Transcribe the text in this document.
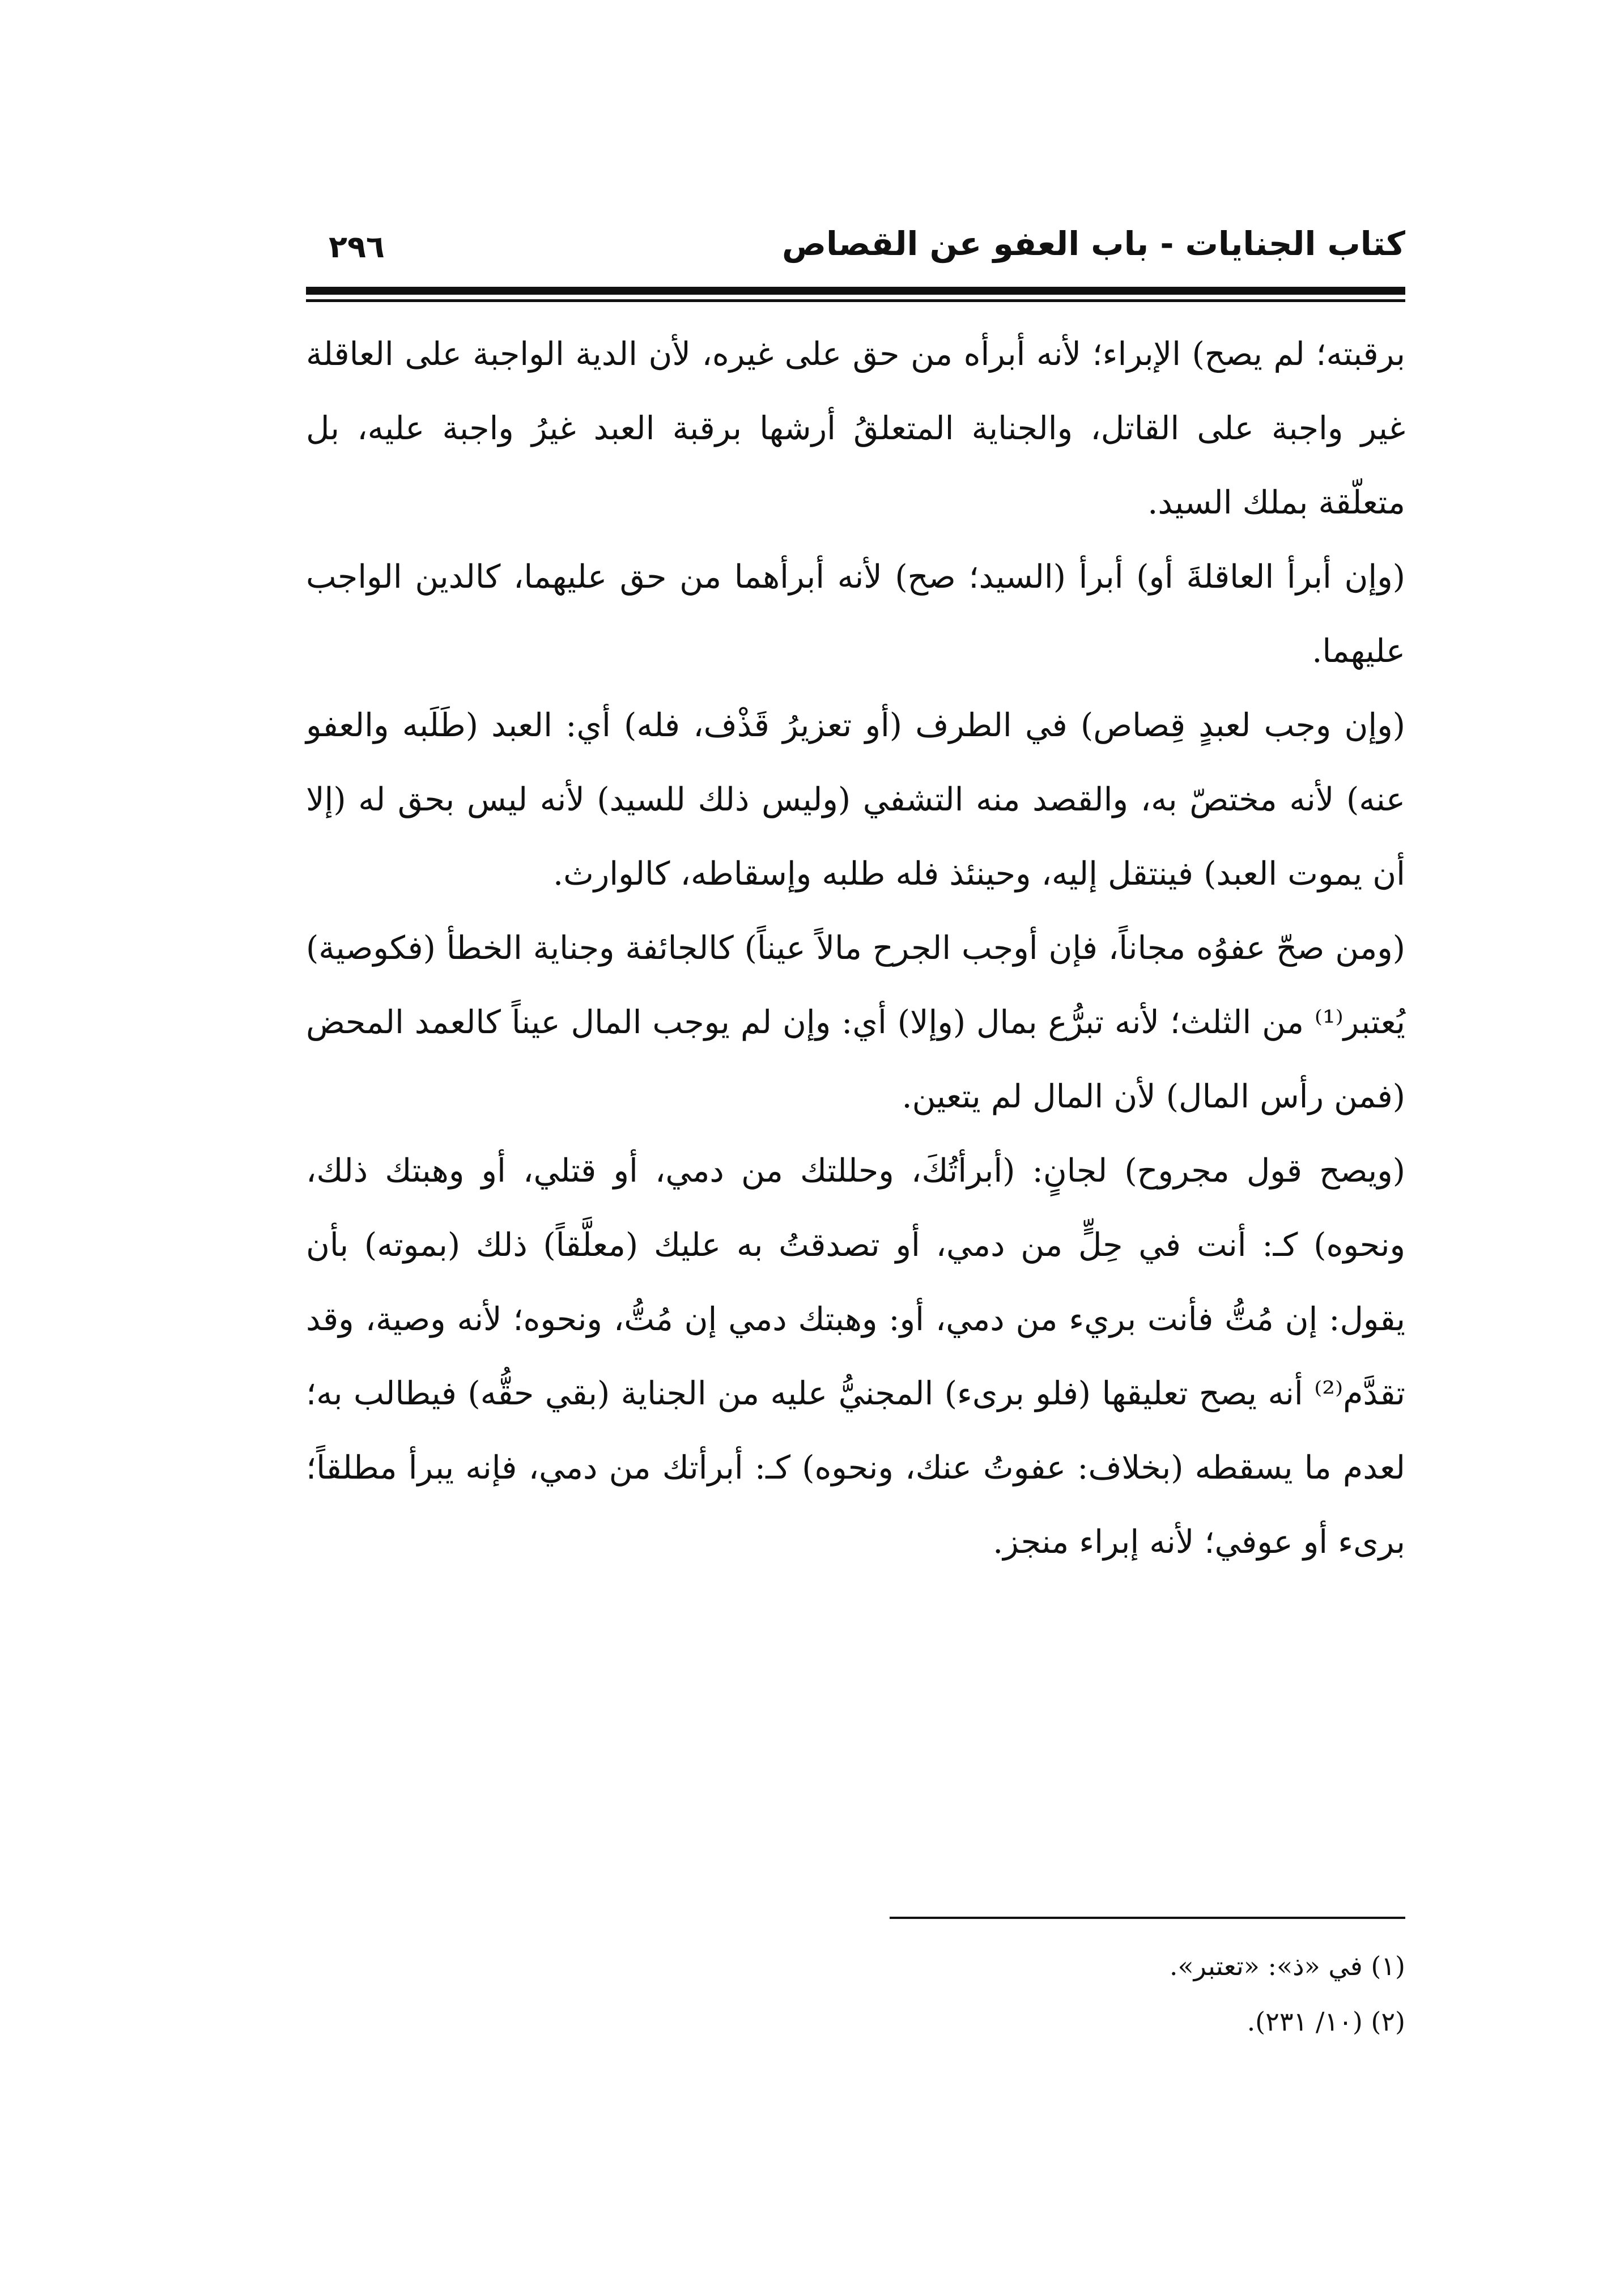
كتاب الجنايات - باب العفو عن القصاص
٢٩٦

برقبته؛ لم يصح) الإبراء؛ لأنه أبرأه من حق على غيره، لأن الدية الواجبة على العاقلة غير واجبة على القاتل، والجناية المتعلقُ أرشها برقبة العبد غيرُ واجبة عليه، بل متعلّقة بملك السيد.

(وإن أبرأ العاقلةَ أو) أبرأ (السيد؛ صح) لأنه أبرأهما من حق عليهما، كالدين الواجب عليهما.

(وإن وجب لعبدٍ قِصاص) في الطرف (أو تعزيرُ قَذْف، فله) أي: العبد (طَلَبه والعفو عنه) لأنه مختصّ به، والقصد منه التشفي (وليس ذلك للسيد) لأنه ليس بحق له (إلا أن يموت العبد) فينتقل إليه، وحينئذ فله طلبه وإسقاطه، كالوارث.

(ومن صحّ عفوُه مجاناً، فإن أوجب الجرح مالاً عيناً) كالجائفة وجناية الخطأ (فكوصية) يُعتبر⁽¹⁾ من الثلث؛ لأنه تبرُّع بمال (وإلا) أي: وإن لم يوجب المال عيناً كالعمد المحض (فمن رأس المال) لأن المال لم يتعين.

(ويصح قول مجروح) لجانٍ: (أبرأتُكَ، وحللتك من دمي، أو قتلي، أو وهبتك ذلك، ونحوه) كـ: أنت في حِلٍّ من دمي، أو تصدقتُ به عليك (معلَّقاً) ذلك (بموته) بأن يقول: إن مُتُّ فأنت بريء من دمي، أو: وهبتك دمي إن مُتُّ، ونحوه؛ لأنه وصية، وقد تقدَّم⁽²⁾ أنه يصح تعليقها (فلو برىء) المجنيُّ عليه من الجناية (بقي حقُّه) فيطالب به؛ لعدم ما يسقطه (بخلاف: عفوتُ عنك، ونحوه) كـ: أبرأتك من دمي، فإنه يبرأ مطلقاً؛ برىء أو عوفي؛ لأنه إبراء منجز.

(١) في «ذ»: «تعتبر».
(٢) (١٠/ ٢٣١).
